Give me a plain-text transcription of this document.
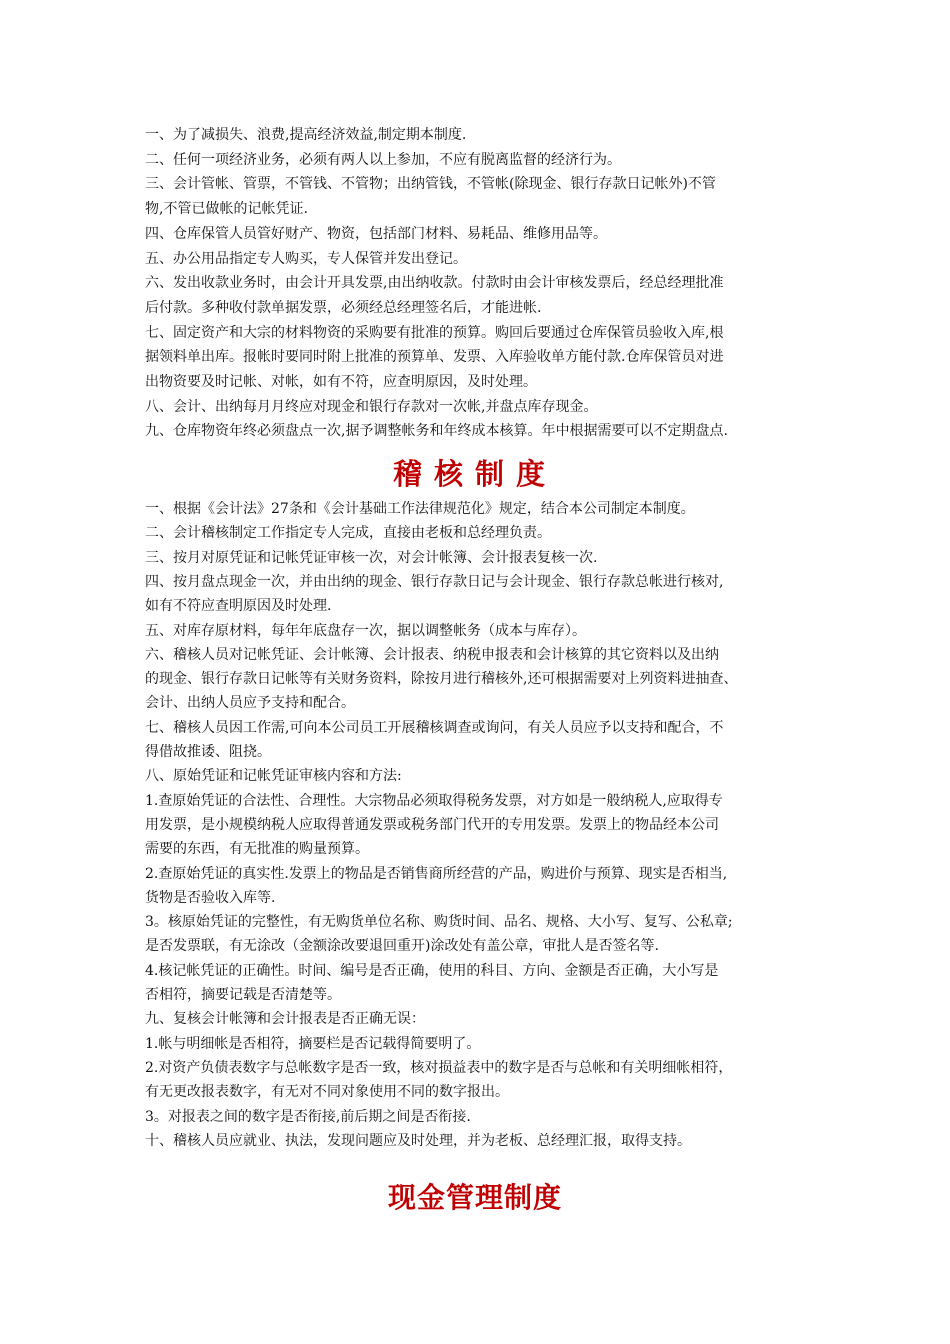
一、为了减损失、浪费,提高经济效益,制定期本制度.
二、任何一项经济业务，必须有两人以上参加，不应有脱离监督的经济行为。
三、会计管帐、管票，不管钱、不管物；出纳管钱，不管帐(除现金、银行存款日记帐外)不管
物,不管已做帐的记帐凭证.
四、仓库保管人员管好财产、物资，包括部门材料、易耗品、维修用品等。
五、办公用品指定专人购买，专人保管并发出登记。
六、发出收款业务时，由会计开具发票,由出纳收款。付款时由会计审核发票后，经总经理批准
后付款。多种收付款单据发票，必须经总经理签名后，才能进帐.
七、固定资产和大宗的材料物资的采购要有批准的预算。购回后要通过仓库保管员验收入库,根
据领料单出库。报帐时要同时附上批准的预算单、发票、入库验收单方能付款.仓库保管员对进
出物资要及时记帐、对帐，如有不符，应查明原因，及时处理。
八、会计、出纳每月月终应对现金和银行存款对一次帐,并盘点库存现金。
九、仓库物资年终必须盘点一次,据予调整帐务和年终成本核算。年中根据需要可以不定期盘点.
稽核制度
一、根据《会计法》27条和《会计基础工作法律规范化》规定，结合本公司制定本制度。
二、会计稽核制定工作指定专人完成，直接由老板和总经理负责。
三、按月对原凭证和记帐凭证审核一次，对会计帐簿、会计报表复核一次.
四、按月盘点现金一次，并由出纳的现金、银行存款日记与会计现金、银行存款总帐进行核对,
如有不符应查明原因及时处理.
五、对库存原材料，每年年底盘存一次，据以调整帐务（成本与库存）。
六、稽核人员对记帐凭证、会计帐簿、会计报表、纳税申报表和会计核算的其它资料以及出纳
的现金、银行存款日记帐等有关财务资料，除按月进行稽核外,还可根据需要对上列资料进抽查、
会计、出纳人员应予支持和配合。
七、稽核人员因工作需,可向本公司员工开展稽核调查或询问，有关人员应予以支持和配合，不
得借故推诿、阻挠。
八、原始凭证和记帐凭证审核内容和方法:
1.查原始凭证的合法性、合理性。大宗物品必须取得税务发票，对方如是一般纳税人,应取得专
用发票，是小规模纳税人应取得普通发票或税务部门代开的专用发票。发票上的物品经本公司
需要的东西，有无批准的购量预算。
2.查原始凭证的真实性.发票上的物品是否销售商所经营的产品，购进价与预算、现实是否相当,
货物是否验收入库等.
3。核原始凭证的完整性，有无购货单位名称、购货时间、品名、规格、大小写、复写、公私章;
是否发票联，有无涂改（金额涂改要退回重开)涂改处有盖公章，审批人是否签名等.
4.核记帐凭证的正确性。时间、编号是否正确，使用的科目、方向、金额是否正确，大小写是
否相符，摘要记载是否清楚等。
九、复核会计帐簿和会计报表是否正确无误：
1.帐与明细帐是否相符，摘要栏是否记载得简要明了。
2.对资产负债表数字与总帐数字是否一致，核对损益表中的数字是否与总帐和有关明细帐相符，
有无更改报表数字，有无对不同对象使用不同的数字报出。
3。对报表之间的数字是否衔接,前后期之间是否衔接.
十、稽核人员应就业、执法，发现问题应及时处理，并为老板、总经理汇报，取得支持。
现金管理制度
